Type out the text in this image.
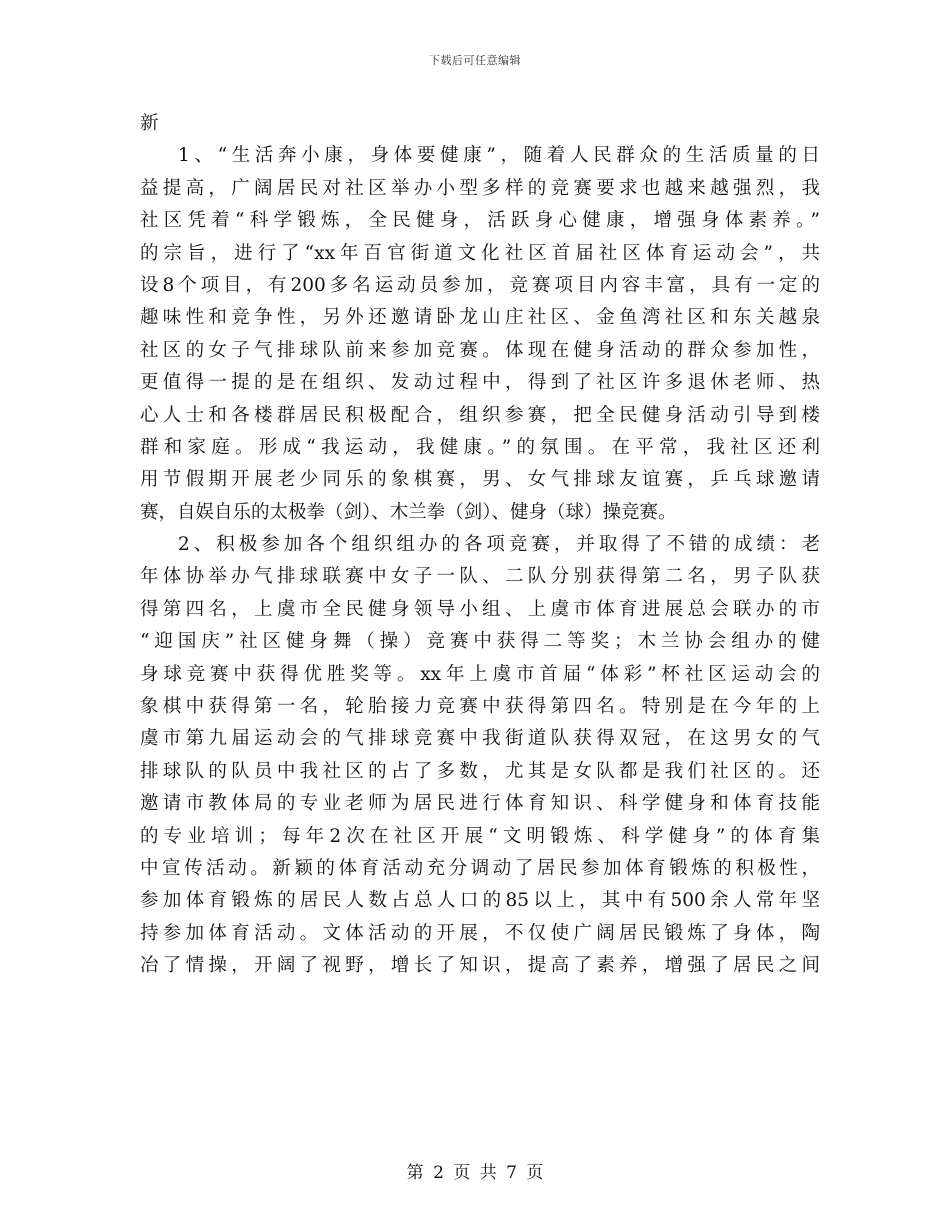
下载后可任意编辑
新
1、“生活奔小康，身体要健康”，随着人民群众的生活质量的日
益提高，广阔居民对社区举办小型多样的竞赛要求也越来越强烈，我
社区凭着“科学锻炼，全民健身，活跃身心健康，增强身体素养。”
的宗旨，进行了“xx年百官街道文化社区首届社区体育运动会”，共
设8个项目，有200多名运动员参加，竞赛项目内容丰富，具有一定的
趣味性和竞争性，另外还邀请卧龙山庄社区、金鱼湾社区和东关越泉
社区的女子气排球队前来参加竞赛。体现在健身活动的群众参加性，
更值得一提的是在组织、发动过程中，得到了社区许多退休老师、热
心人士和各楼群居民积极配合，组织参赛，把全民健身活动引导到楼
群和家庭。形成“我运动，我健康。”的氛围。在平常，我社区还利
用节假期开展老少同乐的象棋赛，男、女气排球友谊赛，乒乓球邀请
赛，自娱自乐的太极拳（剑）、木兰拳（剑）、健身（球）操竞赛。
2、积极参加各个组织组办的各项竞赛，并取得了不错的成绩：老
年体协举办气排球联赛中女子一队、二队分别获得第二名，男子队获
得第四名，上虞市全民健身领导小组、上虞市体育进展总会联办的市
“迎国庆”社区健身舞（操）竞赛中获得二等奖；木兰协会组办的健
身球竞赛中获得优胜奖等。xx年上虞市首届“体彩”杯社区运动会的
象棋中获得第一名，轮胎接力竞赛中获得第四名。特别是在今年的上
虞市第九届运动会的气排球竞赛中我街道队获得双冠，在这男女的气
排球队的队员中我社区的占了多数，尤其是女队都是我们社区的。还
邀请市教体局的专业老师为居民进行体育知识、科学健身和体育技能
的专业培训；每年2次在社区开展“文明锻炼、科学健身”的体育集
中宣传活动。新颖的体育活动充分调动了居民参加体育锻炼的积极性，
参加体育锻炼的居民人数占总人口的85以上，其中有500余人常年坚
持参加体育活动。文体活动的开展，不仅使广阔居民锻炼了身体，陶
冶了情操，开阔了视野，增长了知识，提高了素养，增强了居民之间
第 2 页 共 7 页
